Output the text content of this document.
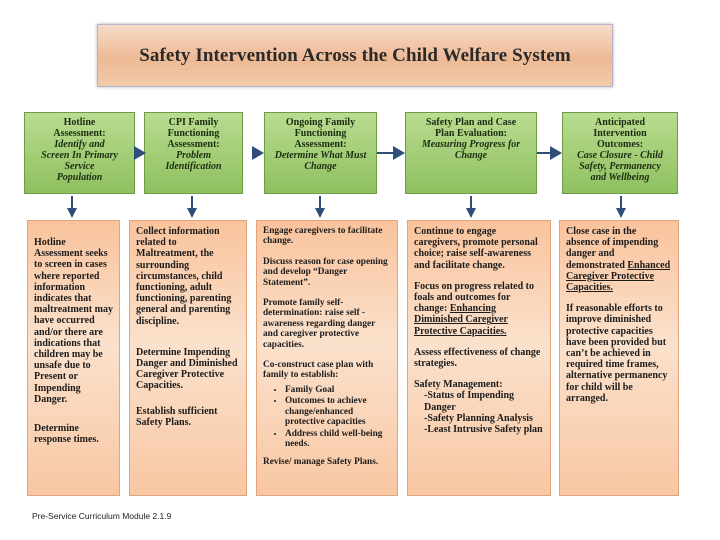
Safety Intervention Across the Child Welfare System
Hotline
Assessment:
Identify and
Screen In Primary
Service
Population
CPI Family
Functioning
Assessment:
Problem
Identification
Ongoing Family
Functioning
Assessment:
Determine What Must
Change
Safety Plan and Case
Plan Evaluation:
Measuring Progress for
Change
Anticipated
Intervention
Outcomes:
Case Closure - Child
Safety, Permanency
and Wellbeing

Hotline Assessment seeks to screen in cases where reported information indicates that maltreatment may have occurred and/or there are indications that children may be unsafe due to Present or Impending Danger.

Determine response times.

Collect information related to Maltreatment, the surrounding circumstances, child functioning, adult functioning, parenting general and parenting discipline.

Determine Impending Danger and Diminished Caregiver Protective Capacities.

Establish sufficient Safety Plans.

Engage caregivers to facilitate change.

Discuss reason for case opening and develop “Danger Statement”.

Promote family self-determination: raise self - awareness regarding danger and caregiver protective capacities.

Co-construct case plan with family to establish:

• Family Goal
• Outcomes to achieve change/enhanced protective capacities
• Address child well-being needs.

Revise/ manage Safety Plans.

Continue to engage caregivers, promote personal choice; raise self-awareness and facilitate change.

Focus on progress related to foals and outcomes for change: Enhancing Diminished Caregiver Protective Capacities.

Assess effectiveness of change strategies.

Safety Management:

-Status of Impending Danger
-Safety Planning Analysis
-Least Intrusive Safety plan

Close case in the absence of impending danger and demonstrated Enhanced Caregiver Protective Capacities.

If reasonable efforts to improve diminished protective capacities have been provided but can’t be achieved in required time frames, alternative permanency for child will be arranged.

Pre-Service Curriculum Module 2.1.9
